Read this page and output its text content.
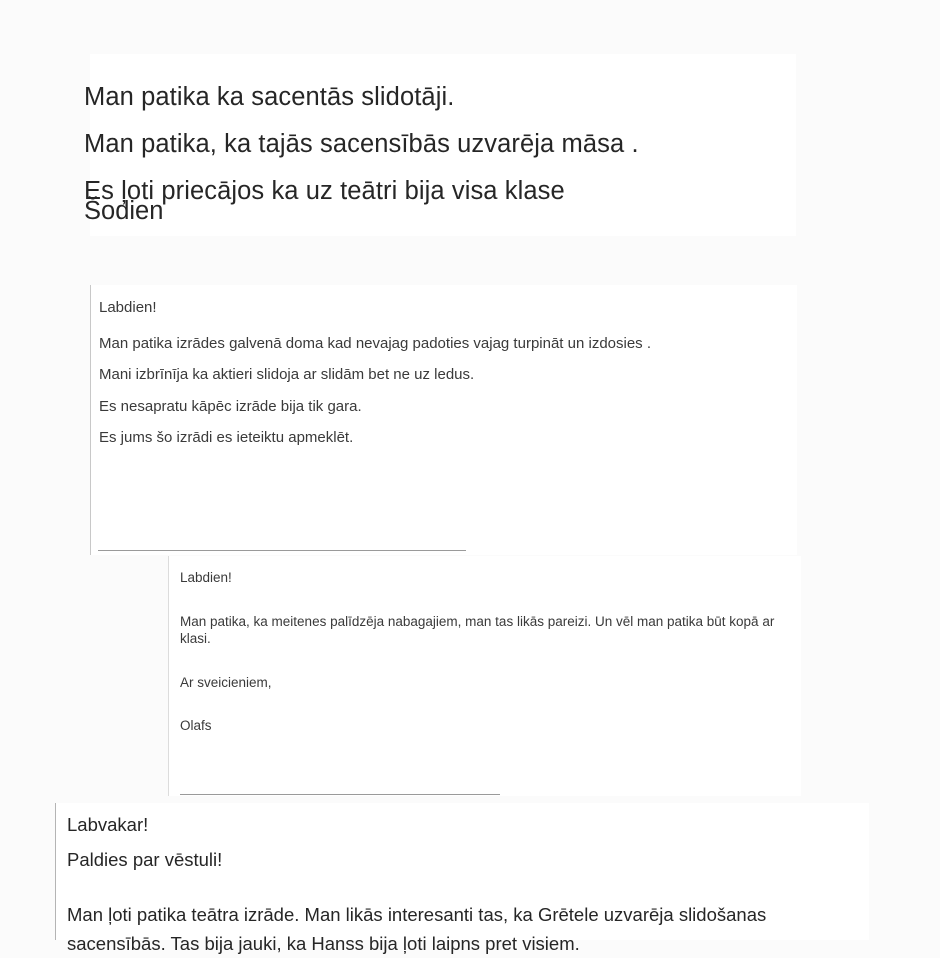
Man patika ka sacentās slidotāji.
Man patika, ka tajās sacensībās uzvarēja māsa .
Es ļoti priecājos ka uz teātri bija visa klase
Šodien

Labdien!

Man patika izrādes galvenā doma kad nevajag padoties vajag turpināt un izdosies .

Mani izbrīnīja ka aktieri slidoja ar slidām bet ne uz ledus.

Es nesapratu kāpēc izrāde bija tik gara.

Es jums šo izrādi es ieteiktu apmeklēt.

Labdien!

Man patika, ka meitenes palīdzēja nabagajiem, man tas likās pareizi. Un vēl man patika būt kopā ar klasi.

Ar sveicieniem,

Olafs

Labvakar!

Paldies par vēstuli!

Man ļoti patika teātra izrāde. Man likās interesanti tas, ka Grētele uzvarēja slidošanas sacensībās. Tas bija jauki, ka Hanss bija ļoti laipns pret visiem.
